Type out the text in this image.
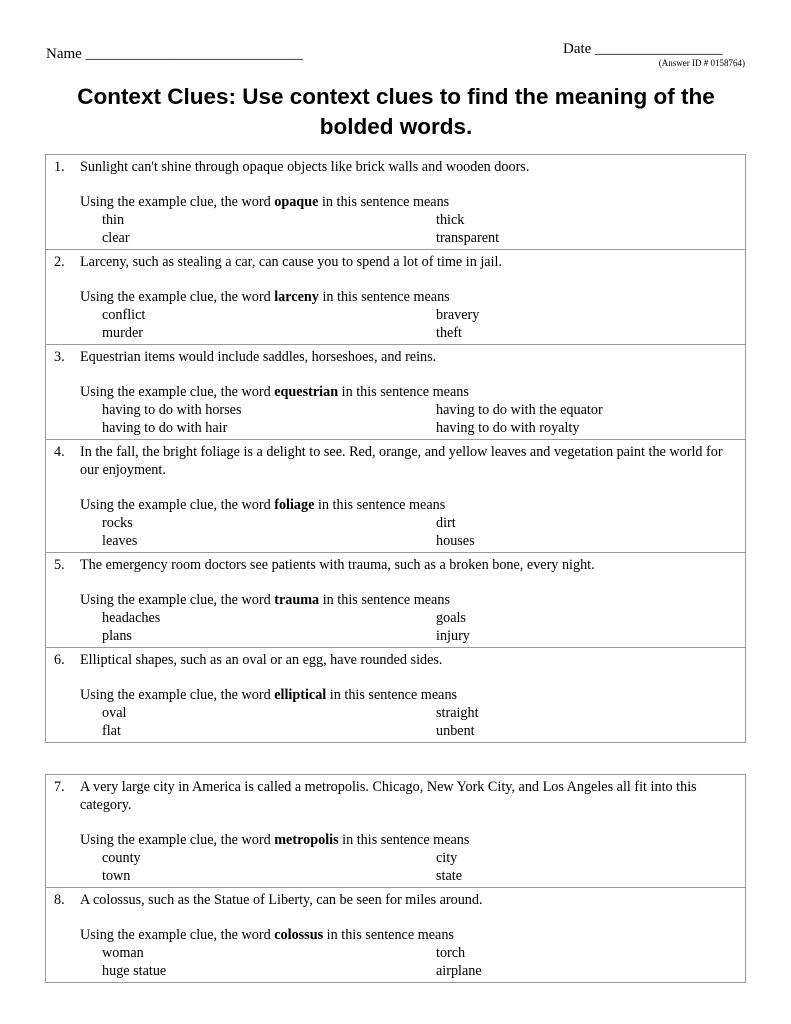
Name _____________________________	Date _________________
(Answer ID # 0158764)
Context Clues: Use context clues to find the meaning of the bolded words.
1.	Sunlight can't shine through opaque objects like brick walls and wooden doors.
Using the example clue, the word opaque in this sentence means
thin	thick
clear	transparent
2.	Larceny, such as stealing a car, can cause you to spend a lot of time in jail.
Using the example clue, the word larceny in this sentence means
conflict	bravery
murder	theft
3.	Equestrian items would include saddles, horseshoes, and reins.
Using the example clue, the word equestrian in this sentence means
having to do with horses	having to do with the equator
having to do with hair	having to do with royalty
4.	In the fall, the bright foliage is a delight to see. Red, orange, and yellow leaves and vegetation paint the world for our enjoyment.
Using the example clue, the word foliage in this sentence means
rocks	dirt
leaves	houses
5.	The emergency room doctors see patients with trauma, such as a broken bone, every night.
Using the example clue, the word trauma in this sentence means
headaches	goals
plans	injury
6.	Elliptical shapes, such as an oval or an egg, have rounded sides.
Using the example clue, the word elliptical in this sentence means
oval	straight
flat	unbent
7.	A very large city in America is called a metropolis. Chicago, New York City, and Los Angeles all fit into this category.
Using the example clue, the word metropolis in this sentence means
county	city
town	state
8.	A colossus, such as the Statue of Liberty, can be seen for miles around.
Using the example clue, the word colossus in this sentence means
woman	torch
huge statue	airplane
